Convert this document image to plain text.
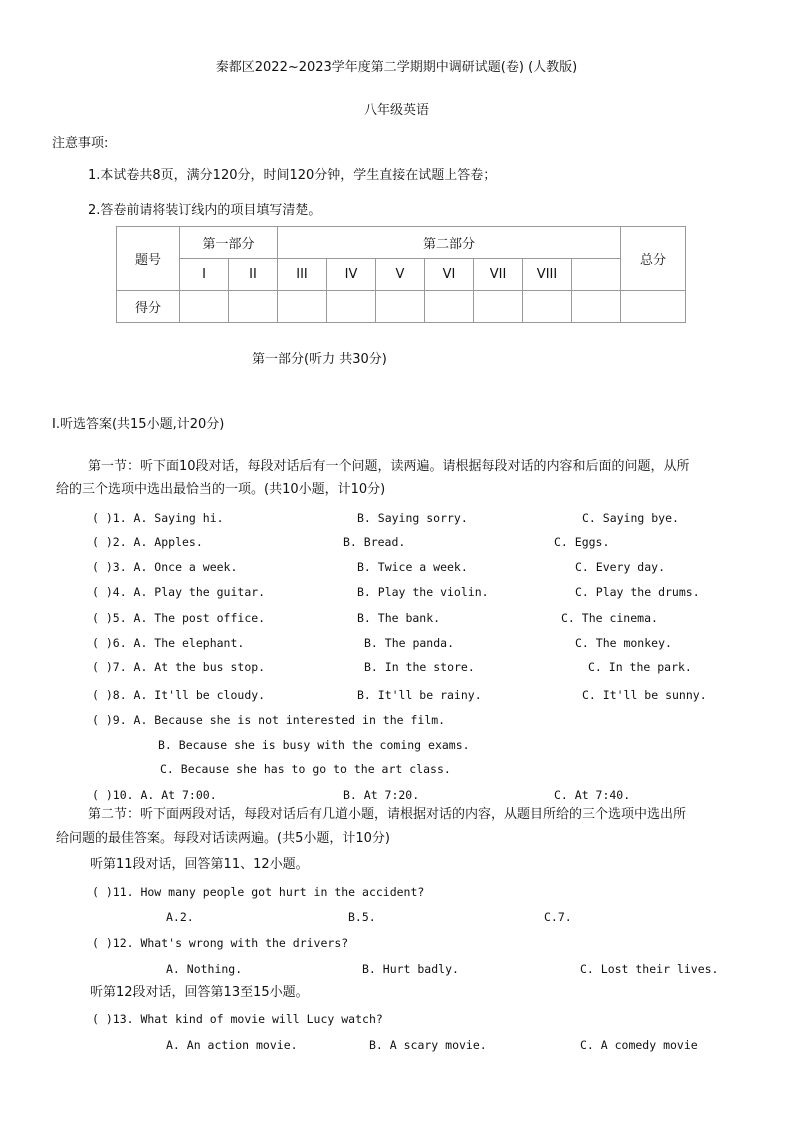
秦都区2022~2023学年度第二学期期中调研试题(卷) (人教版)
八年级英语
注意事项:
1.本试卷共8页，满分120分，时间120分钟，学生直接在试题上答卷；
2.答卷前请将装订线内的项目填写清楚。
题号	第一部分		第二部分							总分
	I	II	III	IV	V	VI	VII	VIII		
得分										
第一部分(听力 共30分)
I.听选答案(共15小题,计20分)
第一节：听下面10段对话，每段对话后有一个问题，读两遍。请根据每段对话的内容和后面的问题，从所
给的三个选项中选出最恰当的一项。(共10小题，计10分)
( )1. A. Saying hi.	B. Saying sorry.	C. Saying bye.
( )2. A. Apples.	B. Bread.	C. Eggs.
( )3. A. Once a week.	B. Twice a week.	C. Every day.
( )4. A. Play the guitar.	B. Play the violin.	C. Play the drums.
( )5. A. The post office.	B. The bank.	C. The cinema.
( )6. A. The elephant.	B. The panda.	C. The monkey.
( )7. A. At the bus stop.	B. In the store.	C. In the park.
( )8. A. It'll be cloudy.	B. It'll be rainy.	C. It'll be sunny.
( )9. A. Because she is not interested in the film.
B. Because she is busy with the coming exams.
C. Because she has to go to the art class.
( )10. A. At 7:00.	B. At 7:20.	C. At 7:40.
第二节：听下面两段对话，每段对话后有几道小题，请根据对话的内容，从题目所给的三个选项中选出所
给问题的最佳答案。每段对话读两遍。(共5小题，计10分)
听第11段对话，回答第11、12小题。
( )11. How many people got hurt in the accident?
A.2.	B.5.	C.7.
( )12. What's wrong with the drivers?
A. Nothing.	B. Hurt badly.	C. Lost their lives.
听第12段对话，回答第13至15小题。
( )13. What kind of movie will Lucy watch?
A. An action movie.	B. A scary movie.	C. A comedy movie
